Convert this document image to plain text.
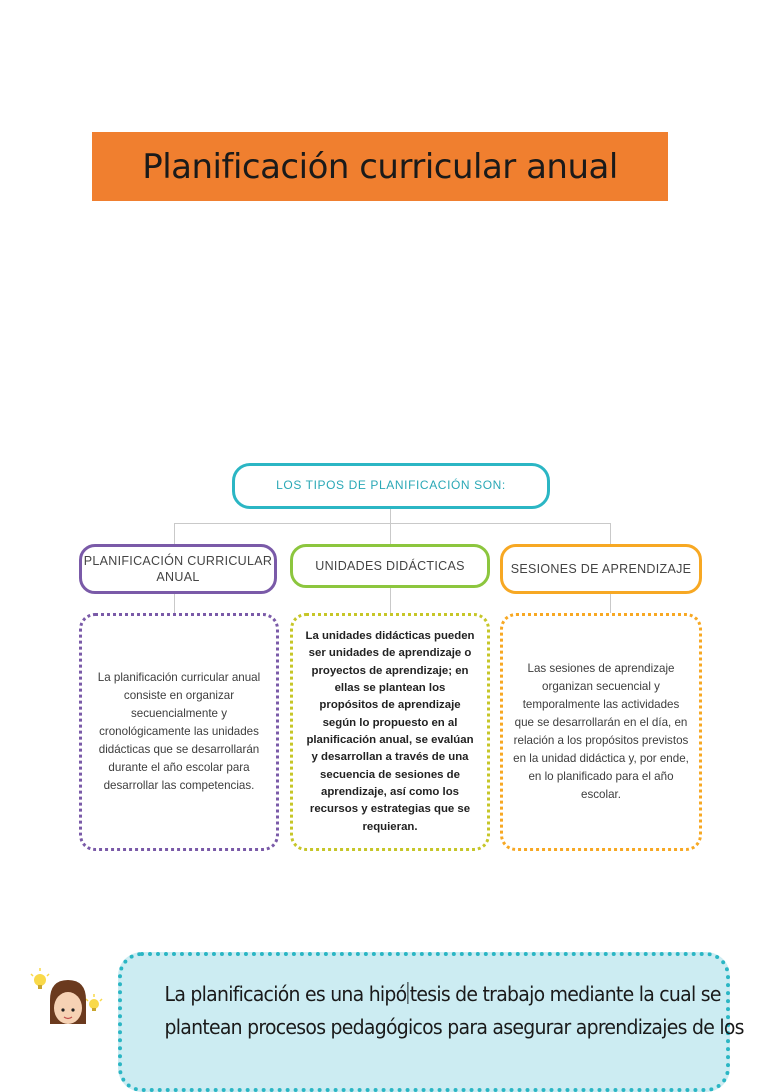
Planificación curricular anual
LOS TIPOS DE PLANIFICACIÓN SON:
PLANIFICACIÓN CURRICULAR ANUAL
UNIDADES DIDÁCTICAS	SESIONES DE APRENDIZAJE
La planificación curricular anual consiste en organizar secuencialmente y cronológicamente las unidades didácticas que se desarrollarán durante el año escolar para desarrollar las competencias.
La unidades didácticas pueden ser unidades de aprendizaje o proyectos de aprendizaje; en ellas se plantean los propósitos de aprendizaje según lo propuesto en al planificación anual, se evalúan y desarrollan a través de una secuencia de sesiones de aprendizaje, así como los recursos y estrategias que se requieran.
Las sesiones de aprendizaje organizan secuencial y temporalmente las actividades que se desarrollarán en el día, en relación a los propósitos previstos en la unidad didáctica y, por ende, en lo planificado para el año escolar.
La planificación es una hipó tesis de trabajo mediante la cual se
plantean procesos pedagógicos para asegurar aprendizajes de los
